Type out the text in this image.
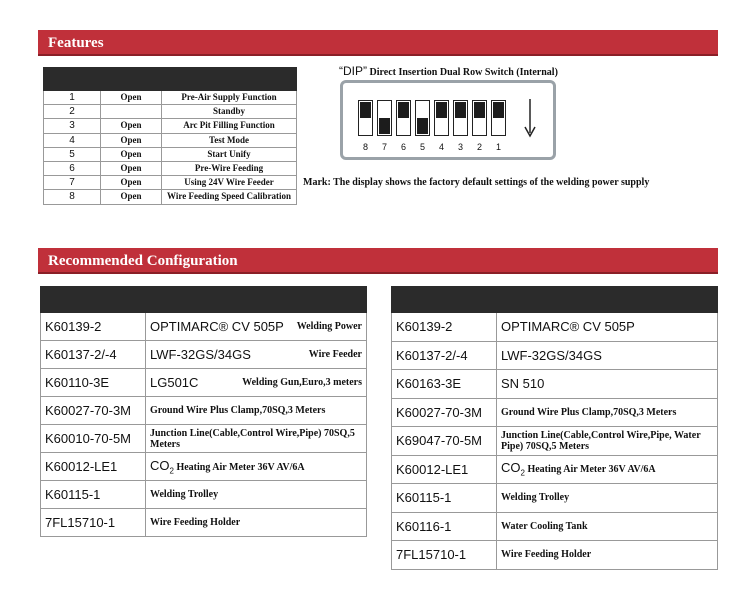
Features

1	Open	Pre-Air Supply Function
2		Standby
3	Open	Arc Pit Filling Function
4	Open	Test Mode
5	Open	Start Unify
6	Open	Pre-Wire Feeding
7	Open	Using 24V Wire Feeder
8	Open	Wire Feeding Speed Calibration
“DIP” Direct Insertion Dual Row Switch (Internal)
8	7	6	5	4	3	2	1
Mark: The display shows the factory default settings of the welding power supply
Recommended Configuration

K60139-2	OPTIMARC® CV 505P Welding Power

K60137-2/-4	LWF-32GS/34GS Wire Feeder

K60110-3E	LG501C Welding Gun,Euro,3 meters

K60027-70-3M	Ground Wire Plus Clamp,70SQ,3 Meters
K60010-70-5M	Junction Line(Cable,Control Wire,Pipe) 70SQ,5 Meters
K60012-LE1	$CO_2$ Heating Air Meter 36V AV/6A
K60115-1	Welding Trolley
7FL15710-1	Wire Feeding Holder

K60139-2	OPTIMARC® CV 505P
K60137-2/-4	LWF-32GS/34GS
K60163-3E	SN 510
K60027-70-3M	Ground Wire Plus Clamp,70SQ,3 Meters
K69047-70-5M	Junction Line(Cable,Control Wire,Pipe, Water Pipe) 70SQ,5 Meters
K60012-LE1	$CO_2$ Heating Air Meter 36V AV/6A
K60115-1	Welding Trolley
K60116-1	Water Cooling Tank
7FL15710-1	Wire Feeding Holder
